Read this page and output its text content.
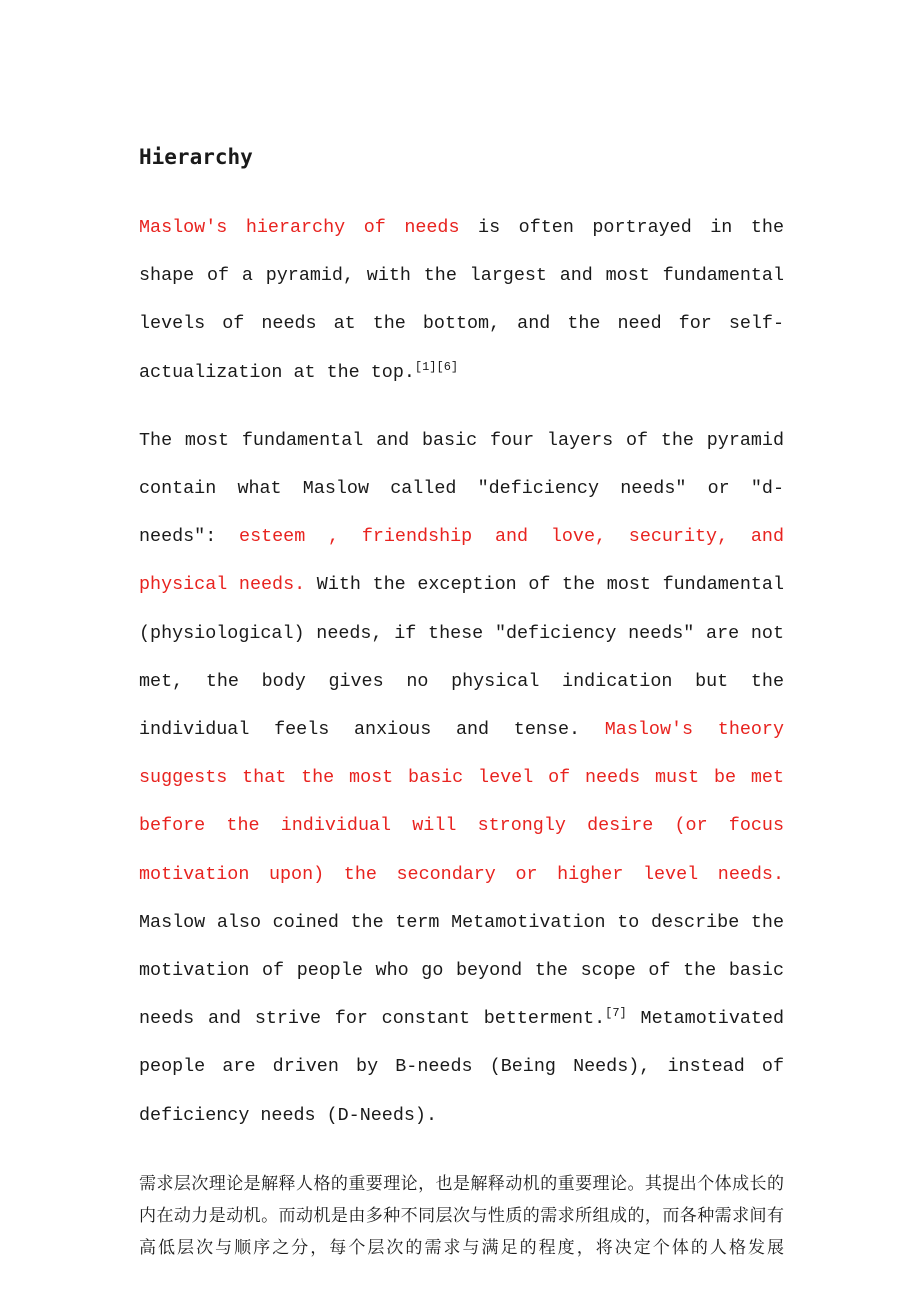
Hierarchy

Maslow's hierarchy of needs is often portrayed in the shape of a pyramid, with the largest and most fundamental levels of needs at the bottom, and the need for self-actualization at the top.[1][6]

The most fundamental and basic four layers of the pyramid contain what Maslow called "deficiency needs" or "d-needs": esteem , friendship and love, security, and physical needs. With the exception of the most fundamental (physiological) needs, if these "deficiency needs" are not met, the body gives no physical indication but the individual feels anxious and tense. Maslow's theory suggests that the most basic level of needs must be met before the individual will strongly desire (or focus motivation upon) the secondary or higher level needs. Maslow also coined the term Metamotivation to describe the motivation of people who go beyond the scope of the basic needs and strive for constant betterment.[7] Metamotivated people are driven by B-needs (Being Needs), instead of deficiency needs (D-Needs).

需求层次理论是解释人格的重要理论，也是解释动机的重要理论。其提出个体成长的内在动力是动机。而动机是由多种不同层次与性质的需求所组成的，而各种需求间有高低层次与顺序之分，每个层次的需求与满足的程度，将决定个体的人格发展
